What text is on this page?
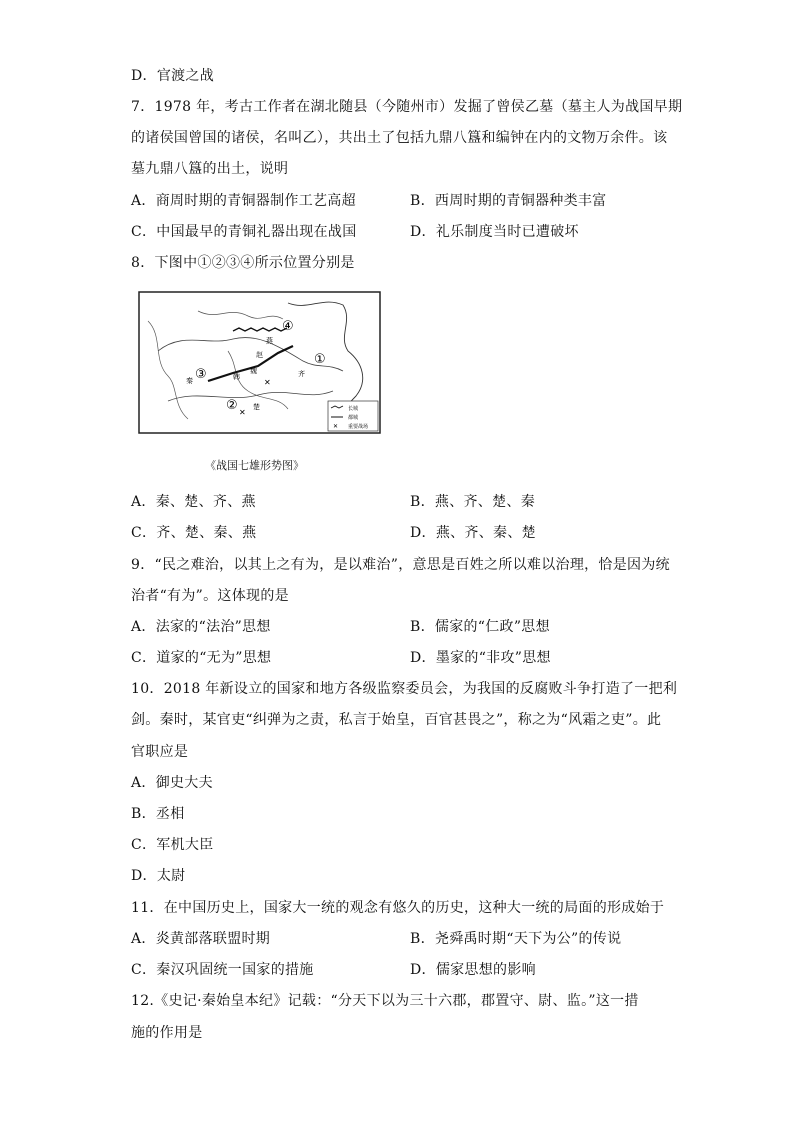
D．官渡之战
7．1978 年，考古工作者在湖北随县（今随州市）发掘了曾侯乙墓（墓主人为战国早期
的诸侯国曾国的诸侯，名叫乙），共出土了包括九鼎八簋和编钟在内的文物万余件。该
墓九鼎八簋的出土，说明
A．商周时期的青铜器制作工艺高超	B．西周时期的青铜器种类丰富
C．中国最早的青铜礼器出现在战国	D．礼乐制度当时已遭破坏
8．下图中①②③④所示位置分别是
燕
赵
魏
韩	齐
楚
秦
④
①
③
② ✕
✕
长城
都城
✕ 重要战场
《战国七雄形势图》
A．秦、楚、齐、燕	B．燕、齐、楚、秦
C．齐、楚、秦、燕	D．燕、齐、秦、楚
9．“民之难治，以其上之有为，是以难治”，意思是百姓之所以难以治理，恰是因为统
治者“有为”。这体现的是
A．法家的“法治”思想	B．儒家的“仁政”思想
C．道家的“无为”思想	D．墨家的“非攻”思想
10．2018 年新设立的国家和地方各级监察委员会，为我国的反腐败斗争打造了一把利
剑。秦时，某官吏“纠弹为之责，私言于始皇，百官甚畏之”，称之为“风霜之吏”。此
官职应是
A．御史大夫
B．丞相
C．军机大臣
D．太尉
11．在中国历史上，国家大一统的观念有悠久的历史，这种大一统的局面的形成始于
A．炎黄部落联盟时期	B．尧舜禹时期“天下为公”的传说
C．秦汉巩固统一国家的措施	D．儒家思想的影响
12.《史记·秦始皇本纪》记载：“分天下以为三十六郡，郡置守、尉、监。”这一措
施的作用是
